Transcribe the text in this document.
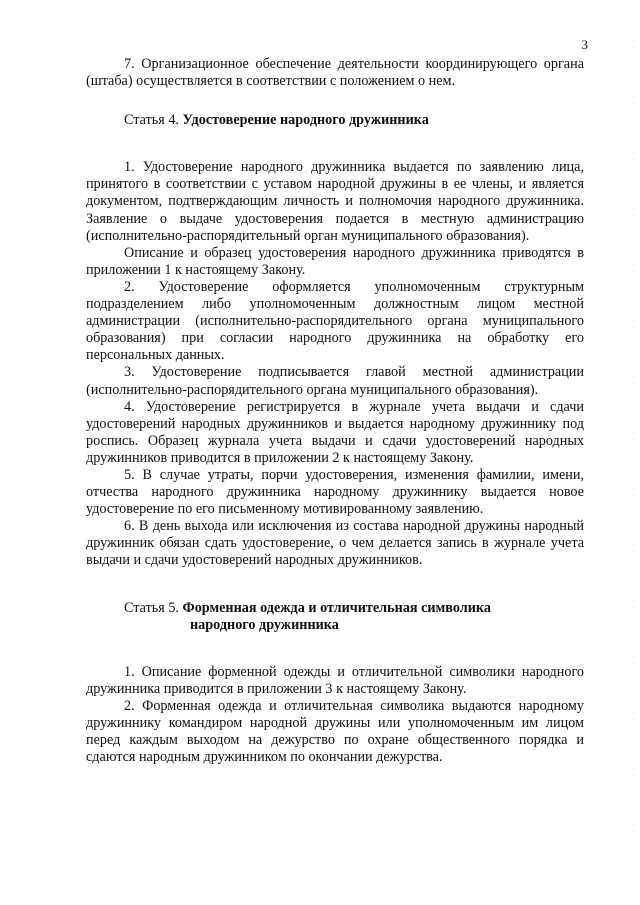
3

7. Организационное обеспечение деятельности координирующего органа (штаба) осуществляется в соответствии с положением о нем.

Статья 4. Удостоверение народного дружинника

1. Удостоверение народного дружинника выдается по заявлению лица, принятого в соответствии с уставом народной дружины в ее члены, и является документом, подтверждающим личность и полномочия народного дружинника. Заявление о выдаче удостоверения подается в местную администрацию (исполнительно-распорядительный орган муниципального образования).

Описание и образец удостоверения народного дружинника приводятся в приложении 1 к настоящему Закону.

2. Удостоверение оформляется уполномоченным структурным подразделением либо уполномоченным должностным лицом местной администрации (исполнительно-распорядительного органа муниципального образования) при согласии народного дружинника на обработку его персональных данных.

3. Удостоверение подписывается главой местной администрации (исполнительно-распорядительного органа муниципального образования).

4. Удостоверение регистрируется в журнале учета выдачи и сдачи удостоверений народных дружинников и выдается народному дружиннику под роспись. Образец журнала учета выдачи и сдачи удостоверений народных дружинников приводится в приложении 2 к настоящему Закону.

5. В случае утраты, порчи удостоверения, изменения фамилии, имени, отчества народного дружинника народному дружиннику выдается новое удостоверение по его письменному мотивированному заявлению.

6. В день выхода или исключения из состава народной дружины народный дружинник обязан сдать удостоверение, о чем делается запись в журнале учета выдачи и сдачи удостоверений народных дружинников.

Статья 5. Форменная одежда и отличительная символика
народного дружинника

1. Описание форменной одежды и отличительной символики народного дружинника приводится в приложении 3 к настоящему Закону.

2. Форменная одежда и отличительная символика выдаются народному дружиннику командиром народной дружины или уполномоченным им лицом перед каждым выходом на дежурство по охране общественного порядка и сдаются народным дружинником по окончании дежурства.
